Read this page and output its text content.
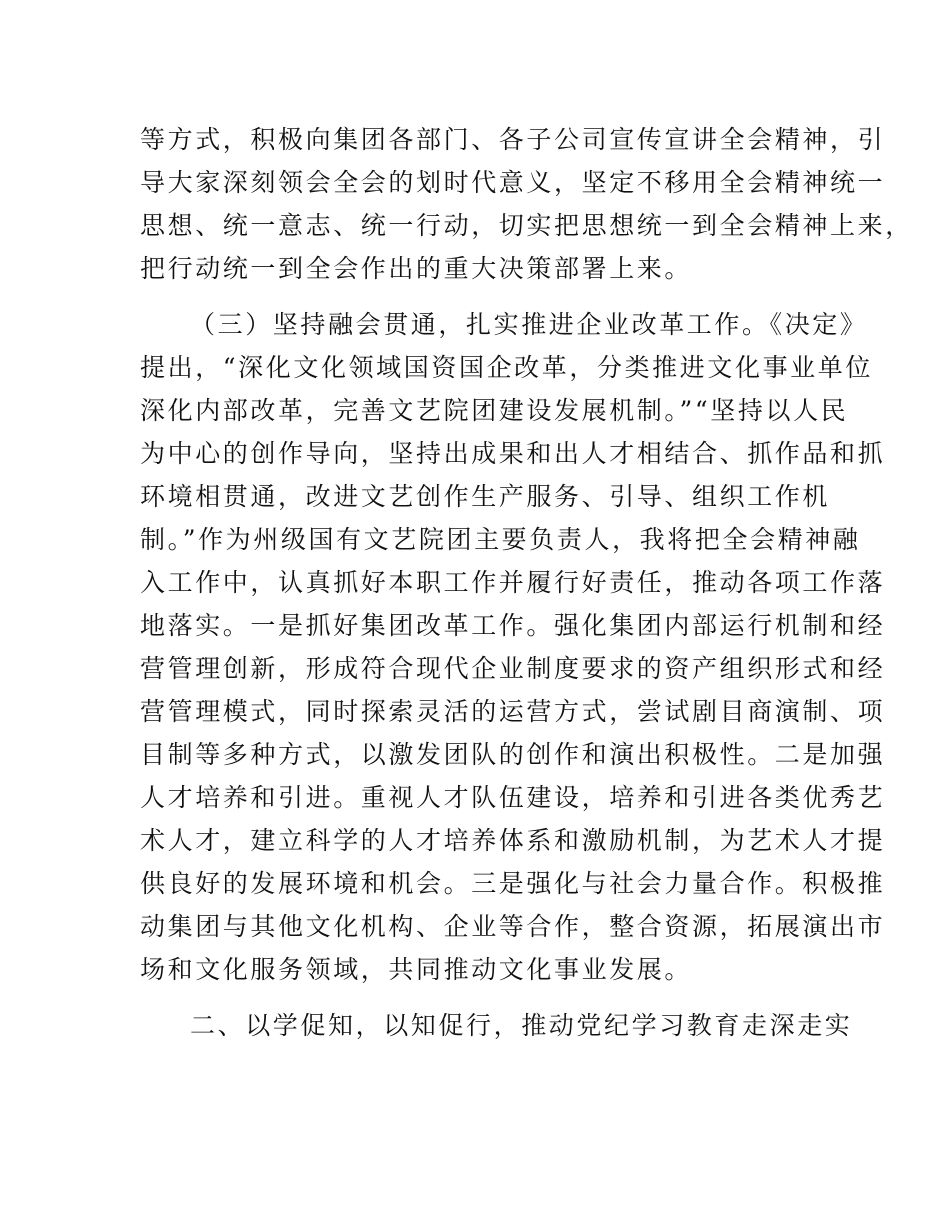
等方式，积极向集团各部门、各子公司宣传宣讲全会精神，引
导大家深刻领会全会的划时代意义，坚定不移用全会精神统一
思想、统一意志、统一行动，切实把思想统一到全会精神上来，
把行动统一到全会作出的重大决策部署上来。
（三）坚持融会贯通，扎实推进企业改革工作。《决定》
提出，“深化文化领域国资国企改革，分类推进文化事业单位
深化内部改革，完善文艺院团建设发展机制。”“坚持以人民
为中心的创作导向，坚持出成果和出人才相结合、抓作品和抓
环境相贯通，改进文艺创作生产服务、引导、组织工作机
制。”作为州级国有文艺院团主要负责人，我将把全会精神融
入工作中，认真抓好本职工作并履行好责任，推动各项工作落
地落实。一是抓好集团改革工作。强化集团内部运行机制和经
营管理创新，形成符合现代企业制度要求的资产组织形式和经
营管理模式，同时探索灵活的运营方式，尝试剧目商演制、项
目制等多种方式，以激发团队的创作和演出积极性。二是加强
人才培养和引进。重视人才队伍建设，培养和引进各类优秀艺
术人才，建立科学的人才培养体系和激励机制，为艺术人才提
供良好的发展环境和机会。三是强化与社会力量合作。积极推
动集团与其他文化机构、企业等合作，整合资源，拓展演出市
场和文化服务领域，共同推动文化事业发展。
二、以学促知，以知促行，推动党纪学习教育走深走实
